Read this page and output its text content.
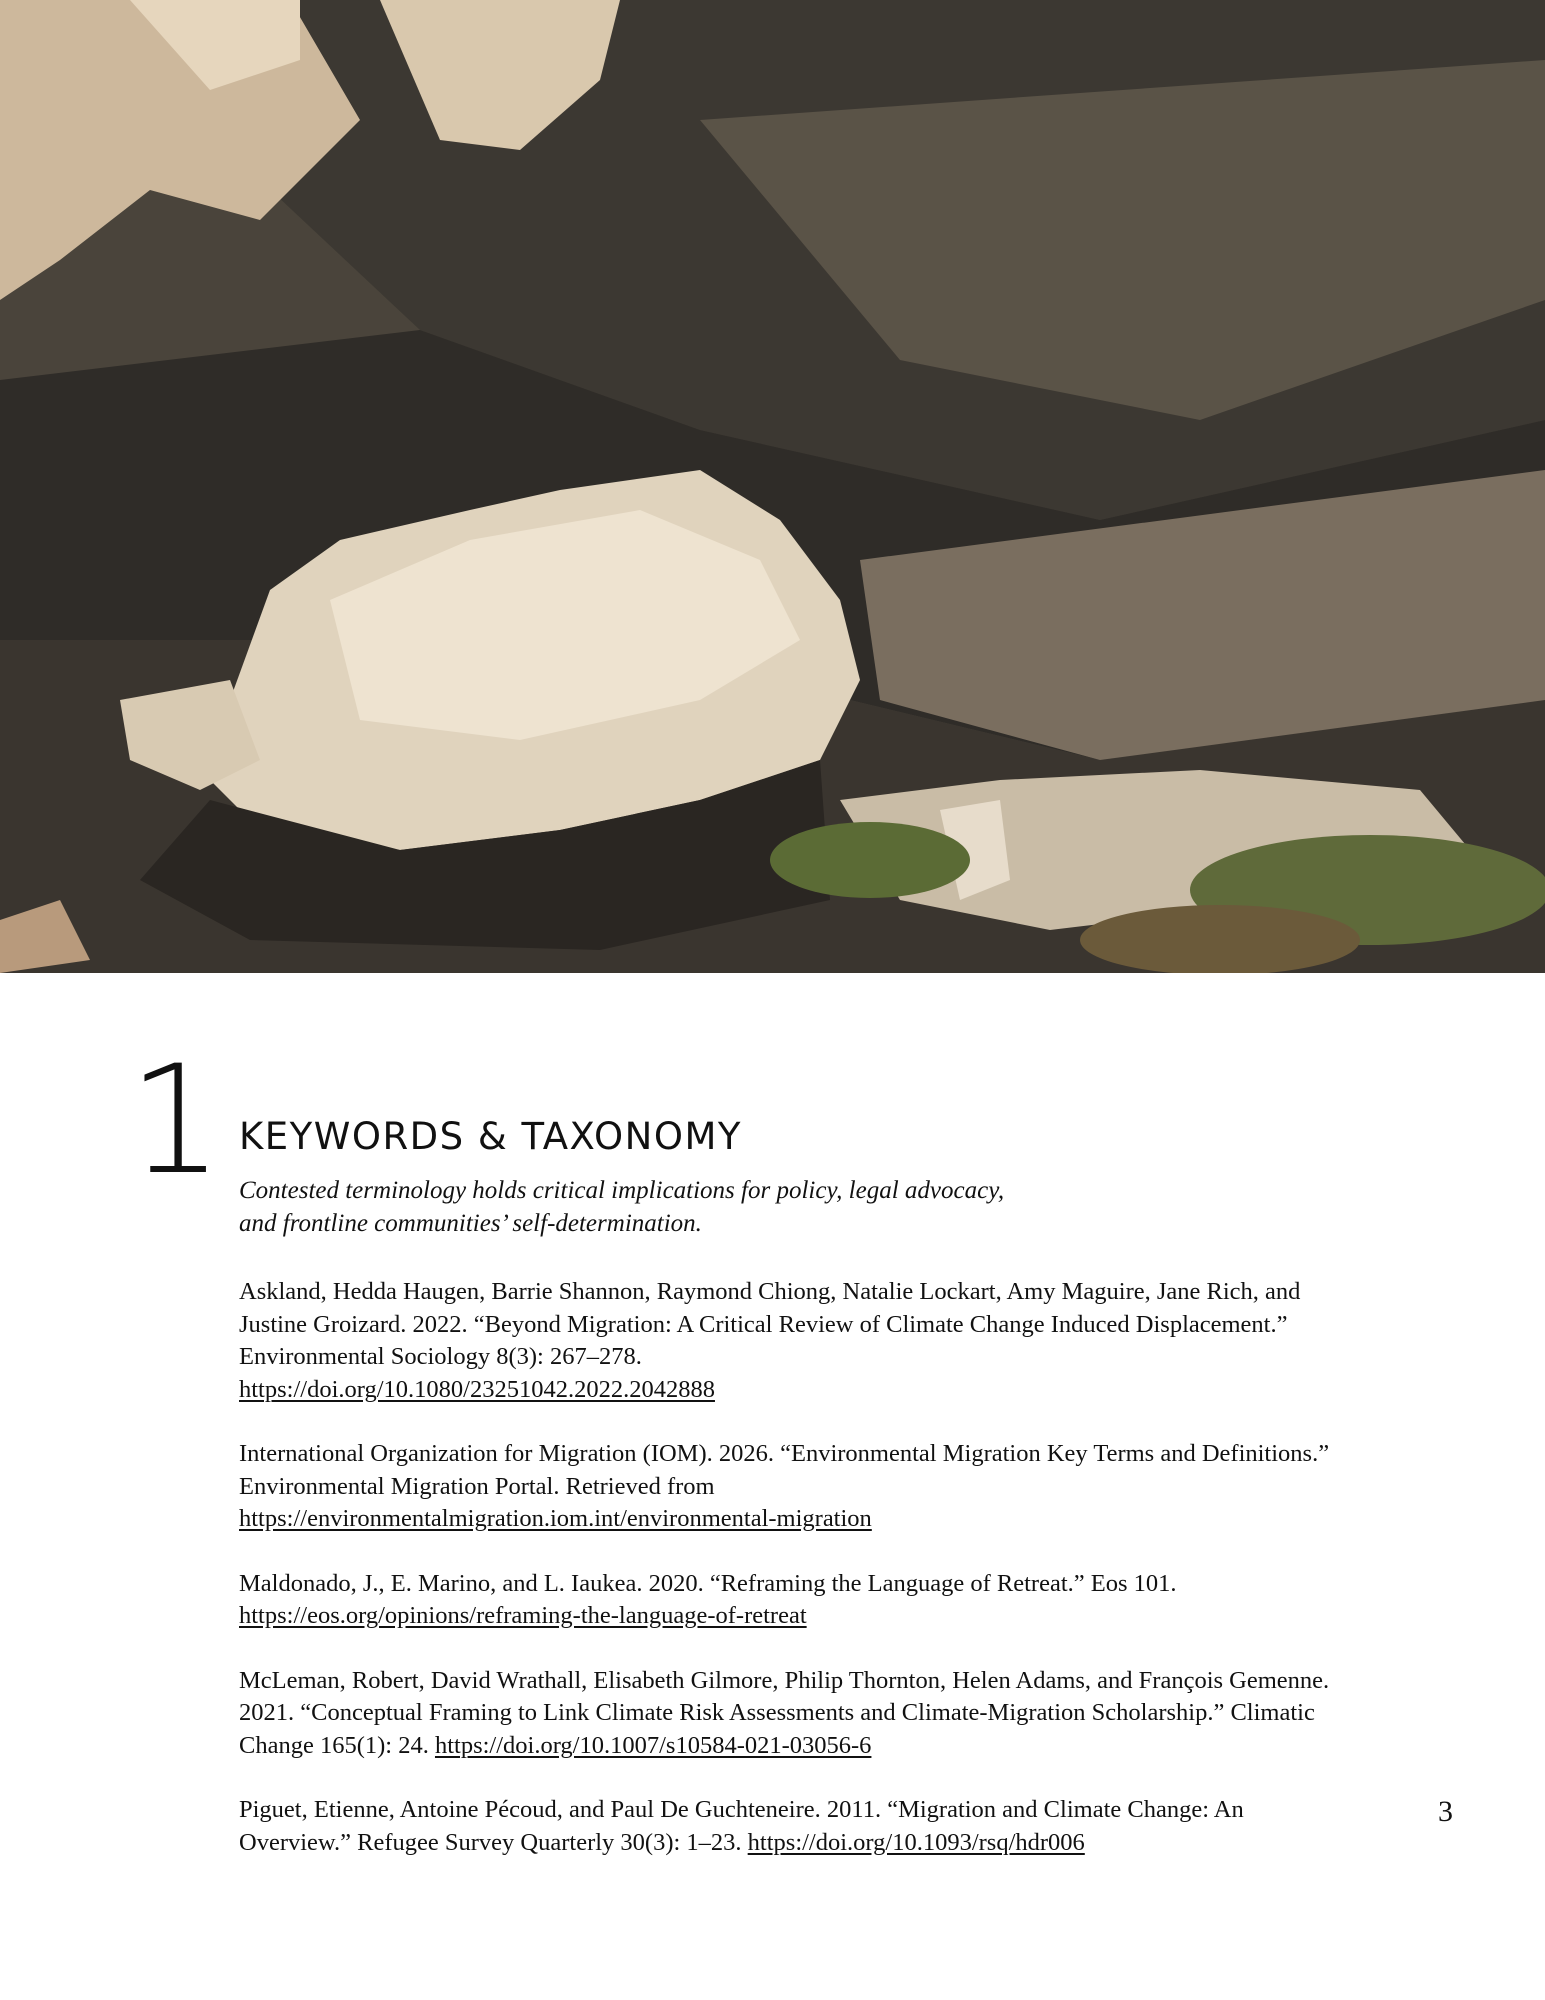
1 KEYWORDS & TAXONOMY

Contested terminology holds critical implications for policy, legal advocacy,
and frontline communities’ self-determination.

Askland, Hedda Haugen, Barrie Shannon, Raymond Chiong, Natalie Lockart, Amy Maguire, Jane Rich, and Justine Groizard. 2022. “Beyond Migration: A Critical Review of Climate Change Induced Displacement.” Environmental Sociology 8(3): 267–278.
https://doi.org/10.1080/23251042.2022.2042888

International Organization for Migration (IOM). 2026. “Environmental Migration Key Terms and Definitions.” Environmental Migration Portal. Retrieved from
https://environmentalmigration.iom.int/environmental-migration

Maldonado, J., E. Marino, and L. Iaukea. 2020. “Reframing the Language of Retreat.” Eos 101.
https://eos.org/opinions/reframing-the-language-of-retreat

McLeman, Robert, David Wrathall, Elisabeth Gilmore, Philip Thornton, Helen Adams, and François Gemenne. 2021. “Conceptual Framing to Link Climate Risk Assessments and Climate-Migration Scholarship.” Climatic Change 165(1): 24. https://doi.org/10.1007/s10584-021-03056-6

Piguet, Etienne, Antoine Pécoud, and Paul De Guchteneire. 2011. “Migration and Climate Change: An Overview.” Refugee Survey Quarterly 30(3): 1–23. https://doi.org/10.1093/rsq/hdr006

3
